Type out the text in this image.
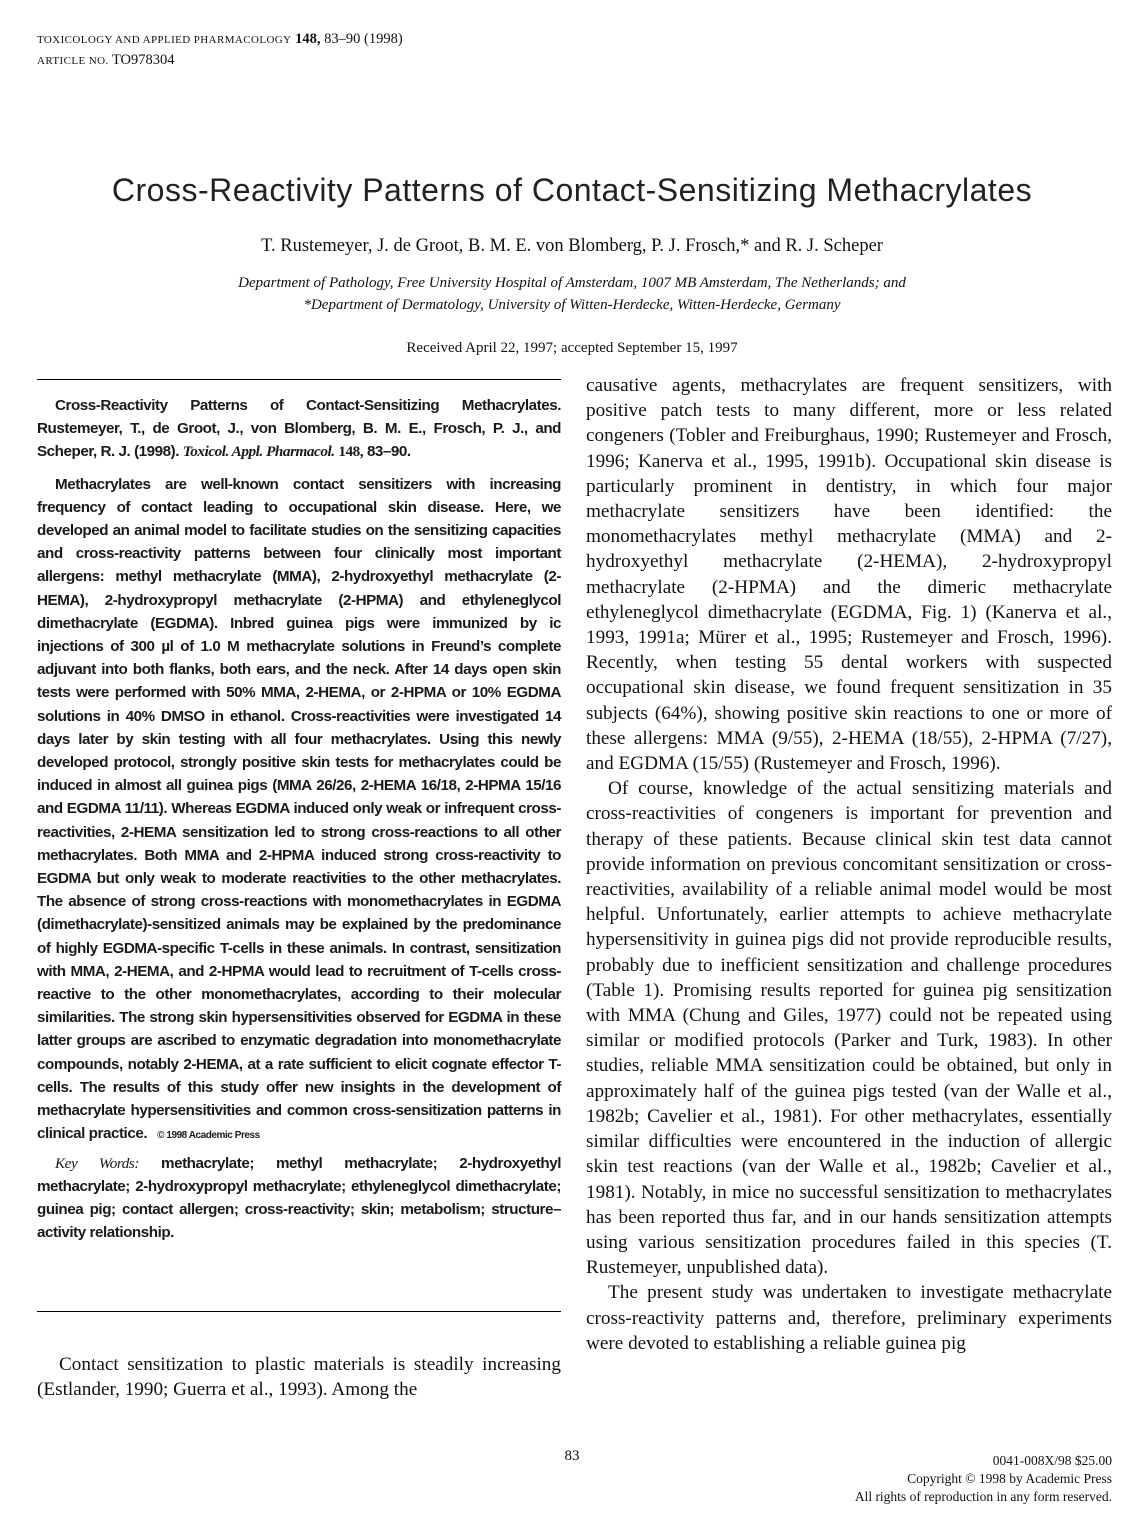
TOXICOLOGY AND APPLIED PHARMACOLOGY 148, 83–90 (1998)
ARTICLE NO. TO978304
Cross-Reactivity Patterns of Contact-Sensitizing Methacrylates
T. Rustemeyer, J. de Groot, B. M. E. von Blomberg, P. J. Frosch,* and R. J. Scheper
Department of Pathology, Free University Hospital of Amsterdam, 1007 MB Amsterdam, The Netherlands; and
*Department of Dermatology, University of Witten-Herdecke, Witten-Herdecke, Germany
Received April 22, 1997; accepted September 15, 1997

Cross-Reactivity Patterns of Contact-Sensitizing Methacrylates. Rustemeyer, T., de Groot, J., von Blomberg, B. M. E., Frosch, P. J., and Scheper, R. J. (1998). Toxicol. Appl. Pharmacol. 148, 83–90.

Methacrylates are well-known contact sensitizers with increasing frequency of contact leading to occupational skin disease. Here, we developed an animal model to facilitate studies on the sensitizing capacities and cross-reactivity patterns between four clinically most important allergens: methyl methacrylate (MMA), 2-hydroxyethyl methacrylate (2-HEMA), 2-hydroxypropyl methacrylate (2-HPMA) and ethyleneglycol dimethacrylate (EGDMA). Inbred guinea pigs were immunized by ic injections of 300 µl of 1.0 M methacrylate solutions in Freund’s complete adjuvant into both flanks, both ears, and the neck. After 14 days open skin tests were performed with 50% MMA, 2-HEMA, or 2-HPMA or 10% EGDMA solutions in 40% DMSO in ethanol. Cross-reactivities were investigated 14 days later by skin testing with all four methacrylates. Using this newly developed protocol, strongly positive skin tests for methacrylates could be induced in almost all guinea pigs (MMA 26/26, 2-HEMA 16/18, 2-HPMA 15/16 and EGDMA 11/11). Whereas EGDMA induced only weak or infrequent cross-reactivities, 2-HEMA sensitization led to strong cross-reactions to all other methacrylates. Both MMA and 2-HPMA induced strong cross-reactivity to EGDMA but only weak to moderate reactivities to the other methacrylates. The absence of strong cross-reactions with monomethacrylates in EGDMA (dimethacrylate)-sensitized animals may be explained by the predominance of highly EGDMA-specific T-cells in these animals. In contrast, sensitization with MMA, 2-HEMA, and 2-HPMA would lead to recruitment of T-cells cross-reactive to the other monomethacrylates, according to their molecular similarities. The strong skin hypersensitivities observed for EGDMA in these latter groups are ascribed to enzymatic degradation into monomethacrylate compounds, notably 2-HEMA, at a rate sufficient to elicit cognate effector T-cells. The results of this study offer new insights in the development of methacrylate hypersensitivities and common cross-sensitization patterns in clinical practice. © 1998 Academic Press

Key Words: methacrylate; methyl methacrylate; 2-hydroxyethyl methacrylate; 2-hydroxypropyl methacrylate; ethyleneglycol dimethacrylate; guinea pig; contact allergen; cross-reactivity; skin; metabolism; structure–activity relationship.

Contact sensitization to plastic materials is steadily increasing (Estlander, 1990; Guerra et al., 1993). Among the

causative agents, methacrylates are frequent sensitizers, with positive patch tests to many different, more or less related congeners (Tobler and Freiburghaus, 1990; Rustemeyer and Frosch, 1996; Kanerva et al., 1995, 1991b). Occupational skin disease is particularly prominent in dentistry, in which four major methacrylate sensitizers have been identified: the monomethacrylates methyl methacrylate (MMA) and 2-hydroxyethyl methacrylate (2-HEMA), 2-hydroxypropyl methacrylate (2-HPMA) and the dimeric methacrylate ethyleneglycol dimethacrylate (EGDMA, Fig. 1) (Kanerva et al., 1993, 1991a; Mürer et al., 1995; Rustemeyer and Frosch, 1996). Recently, when testing 55 dental workers with suspected occupational skin disease, we found frequent sensitization in 35 subjects (64%), showing positive skin reactions to one or more of these allergens: MMA (9/55), 2-HEMA (18/55), 2-HPMA (7/27), and EGDMA (15/55) (Rustemeyer and Frosch, 1996).

Of course, knowledge of the actual sensitizing materials and cross-reactivities of congeners is important for prevention and therapy of these patients. Because clinical skin test data cannot provide information on previous concomitant sensitization or cross-reactivities, availability of a reliable animal model would be most helpful. Unfortunately, earlier attempts to achieve methacrylate hypersensitivity in guinea pigs did not provide reproducible results, probably due to inefficient sensitization and challenge procedures (Table 1). Promising results reported for guinea pig sensitization with MMA (Chung and Giles, 1977) could not be repeated using similar or modified protocols (Parker and Turk, 1983). In other studies, reliable MMA sensitization could be obtained, but only in approximately half of the guinea pigs tested (van der Walle et al., 1982b; Cavelier et al., 1981). For other methacrylates, essentially similar difficulties were encountered in the induction of allergic skin test reactions (van der Walle et al., 1982b; Cavelier et al., 1981). Notably, in mice no successful sensitization to methacrylates has been reported thus far, and in our hands sensitization attempts using various sensitization procedures failed in this species (T. Rustemeyer, unpublished data).

The present study was undertaken to investigate methacrylate cross-reactivity patterns and, therefore, preliminary experiments were devoted to establishing a reliable guinea pig

83	0041-008X/98 $25.00
Copyright © 1998 by Academic Press
All rights of reproduction in any form reserved.
